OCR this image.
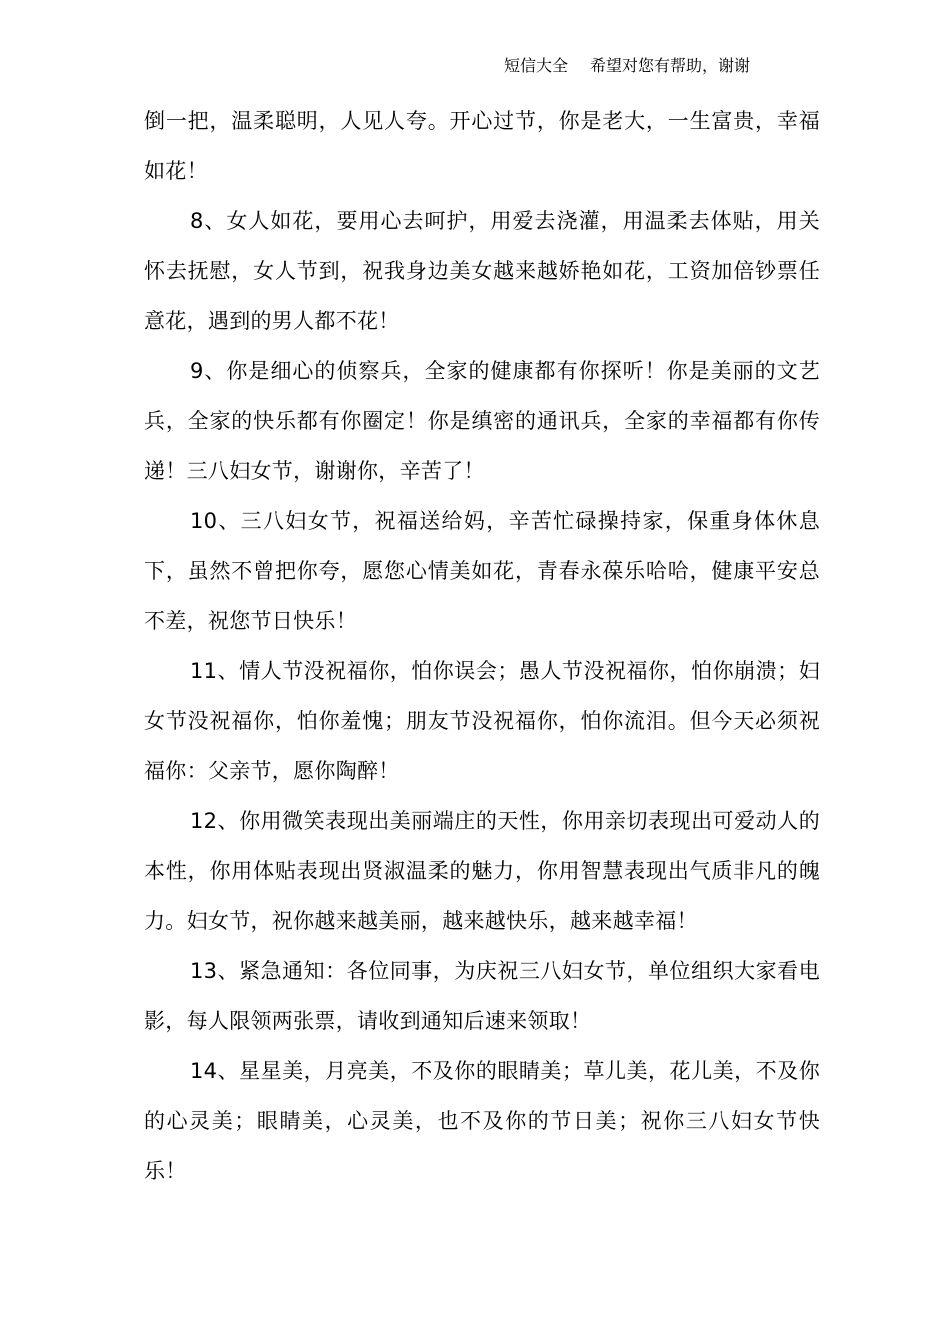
短信大全 希望对您有帮助，谢谢

倒一把，温柔聪明，人见人夸。开心过节，你是老大，一生富贵，幸福如花！

8、女人如花，要用心去呵护，用爱去浇灌，用温柔去体贴，用关怀去抚慰，女人节到，祝我身边美女越来越娇艳如花，工资加倍钞票任意花，遇到的男人都不花！

9、你是细心的侦察兵，全家的健康都有你探听！你是美丽的文艺兵，全家的快乐都有你圈定！你是缜密的通讯兵，全家的幸福都有你传递！三八妇女节，谢谢你，辛苦了！

10、三八妇女节，祝福送给妈，辛苦忙碌操持家，保重身体休息下，虽然不曾把你夸，愿您心情美如花，青春永葆乐哈哈，健康平安总不差，祝您节日快乐！

11、情人节没祝福你，怕你误会；愚人节没祝福你，怕你崩溃；妇女节没祝福你，怕你羞愧；朋友节没祝福你，怕你流泪。但今天必须祝福你：父亲节，愿你陶醉！

12、你用微笑表现出美丽端庄的天性，你用亲切表现出可爱动人的本性，你用体贴表现出贤淑温柔的魅力，你用智慧表现出气质非凡的魄力。妇女节，祝你越来越美丽，越来越快乐，越来越幸福！

13、紧急通知：各位同事，为庆祝三八妇女节，单位组织大家看电影，每人限领两张票，请收到通知后速来领取！

14、星星美，月亮美，不及你的眼睛美；草儿美，花儿美，不及你的心灵美；眼睛美，心灵美，也不及你的节日美；祝你三八妇女节快乐！
